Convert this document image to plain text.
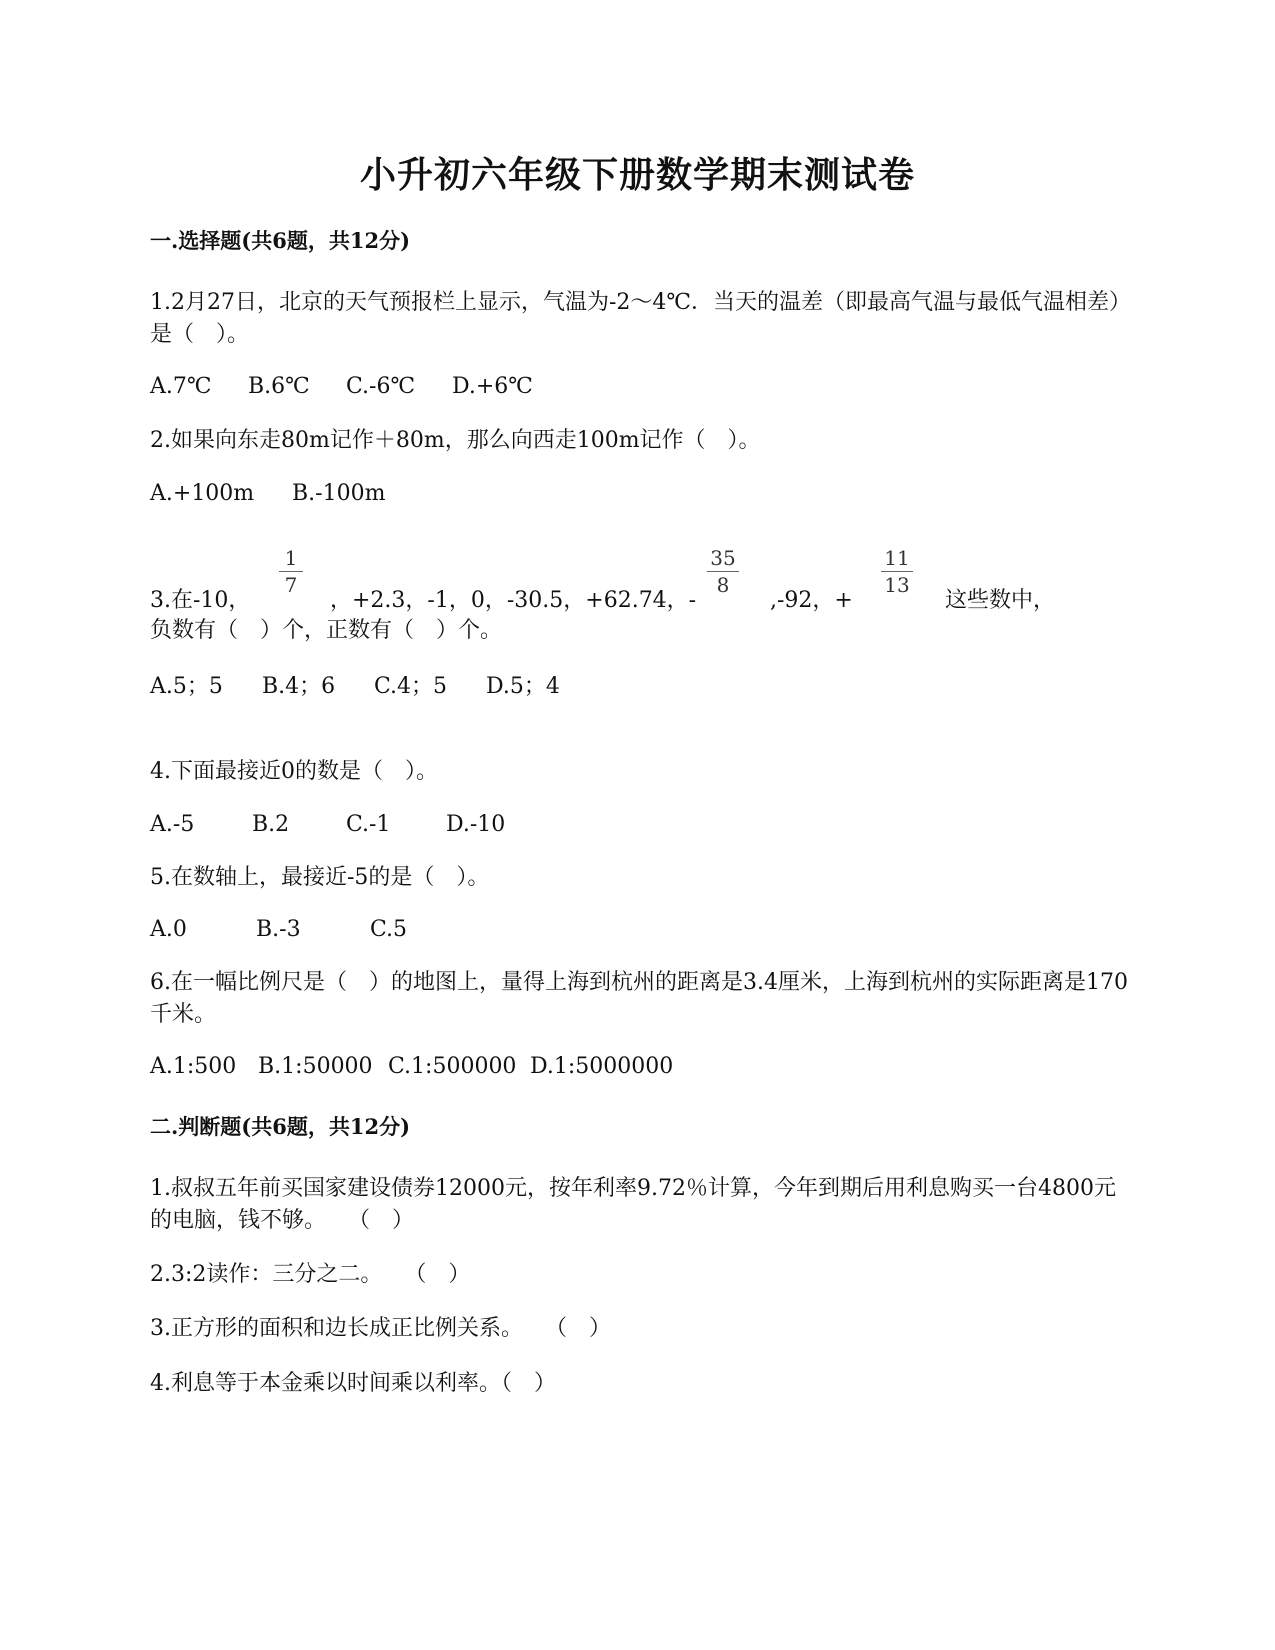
小升初六年级下册数学期末测试卷
一.选择题(共6题，共12分)
1.2月27日，北京的天气预报栏上显示，气温为-2～4℃．当天的温差（即最高气温与最低气温相差）是（　）。
A.7℃ B.6℃ C.-6℃ D.+6℃
2.如果向东走80m记作＋80m，那么向西走100m记作（　）。
A.+100m B.-100m
1
7
35
8
11
13
3.在-10，	，+2.3，-1，0，-30.5，+62.74，-	,-92，+	这些数中，
负数有（　）个，正数有（　）个。
A.5；5 B.4；6 C.4；5 D.5；4
4.下面最接近0的数是（　）。
A.-5	B.2	C.-1	D.-10
5.在数轴上，最接近-5的是（　）。
A.0	B.-3	C.5
6.在一幅比例尺是（　）的地图上，量得上海到杭州的距离是3.4厘米，上海到杭州的实际距离是170千米。
A.1:500 B.1:50000 C.1:500000 D.1:5000000
二.判断题(共6题，共12分)
1.叔叔五年前买国家建设债券12000元，按年利率9.72％计算，今年到期后用利息购买一台4800元的电脑，钱不够。　　（　）
2.3:2读作：三分之二。　　（　）
3.正方形的面积和边长成正比例关系。　　（　）
4.利息等于本金乘以时间乘以利率。（　）
